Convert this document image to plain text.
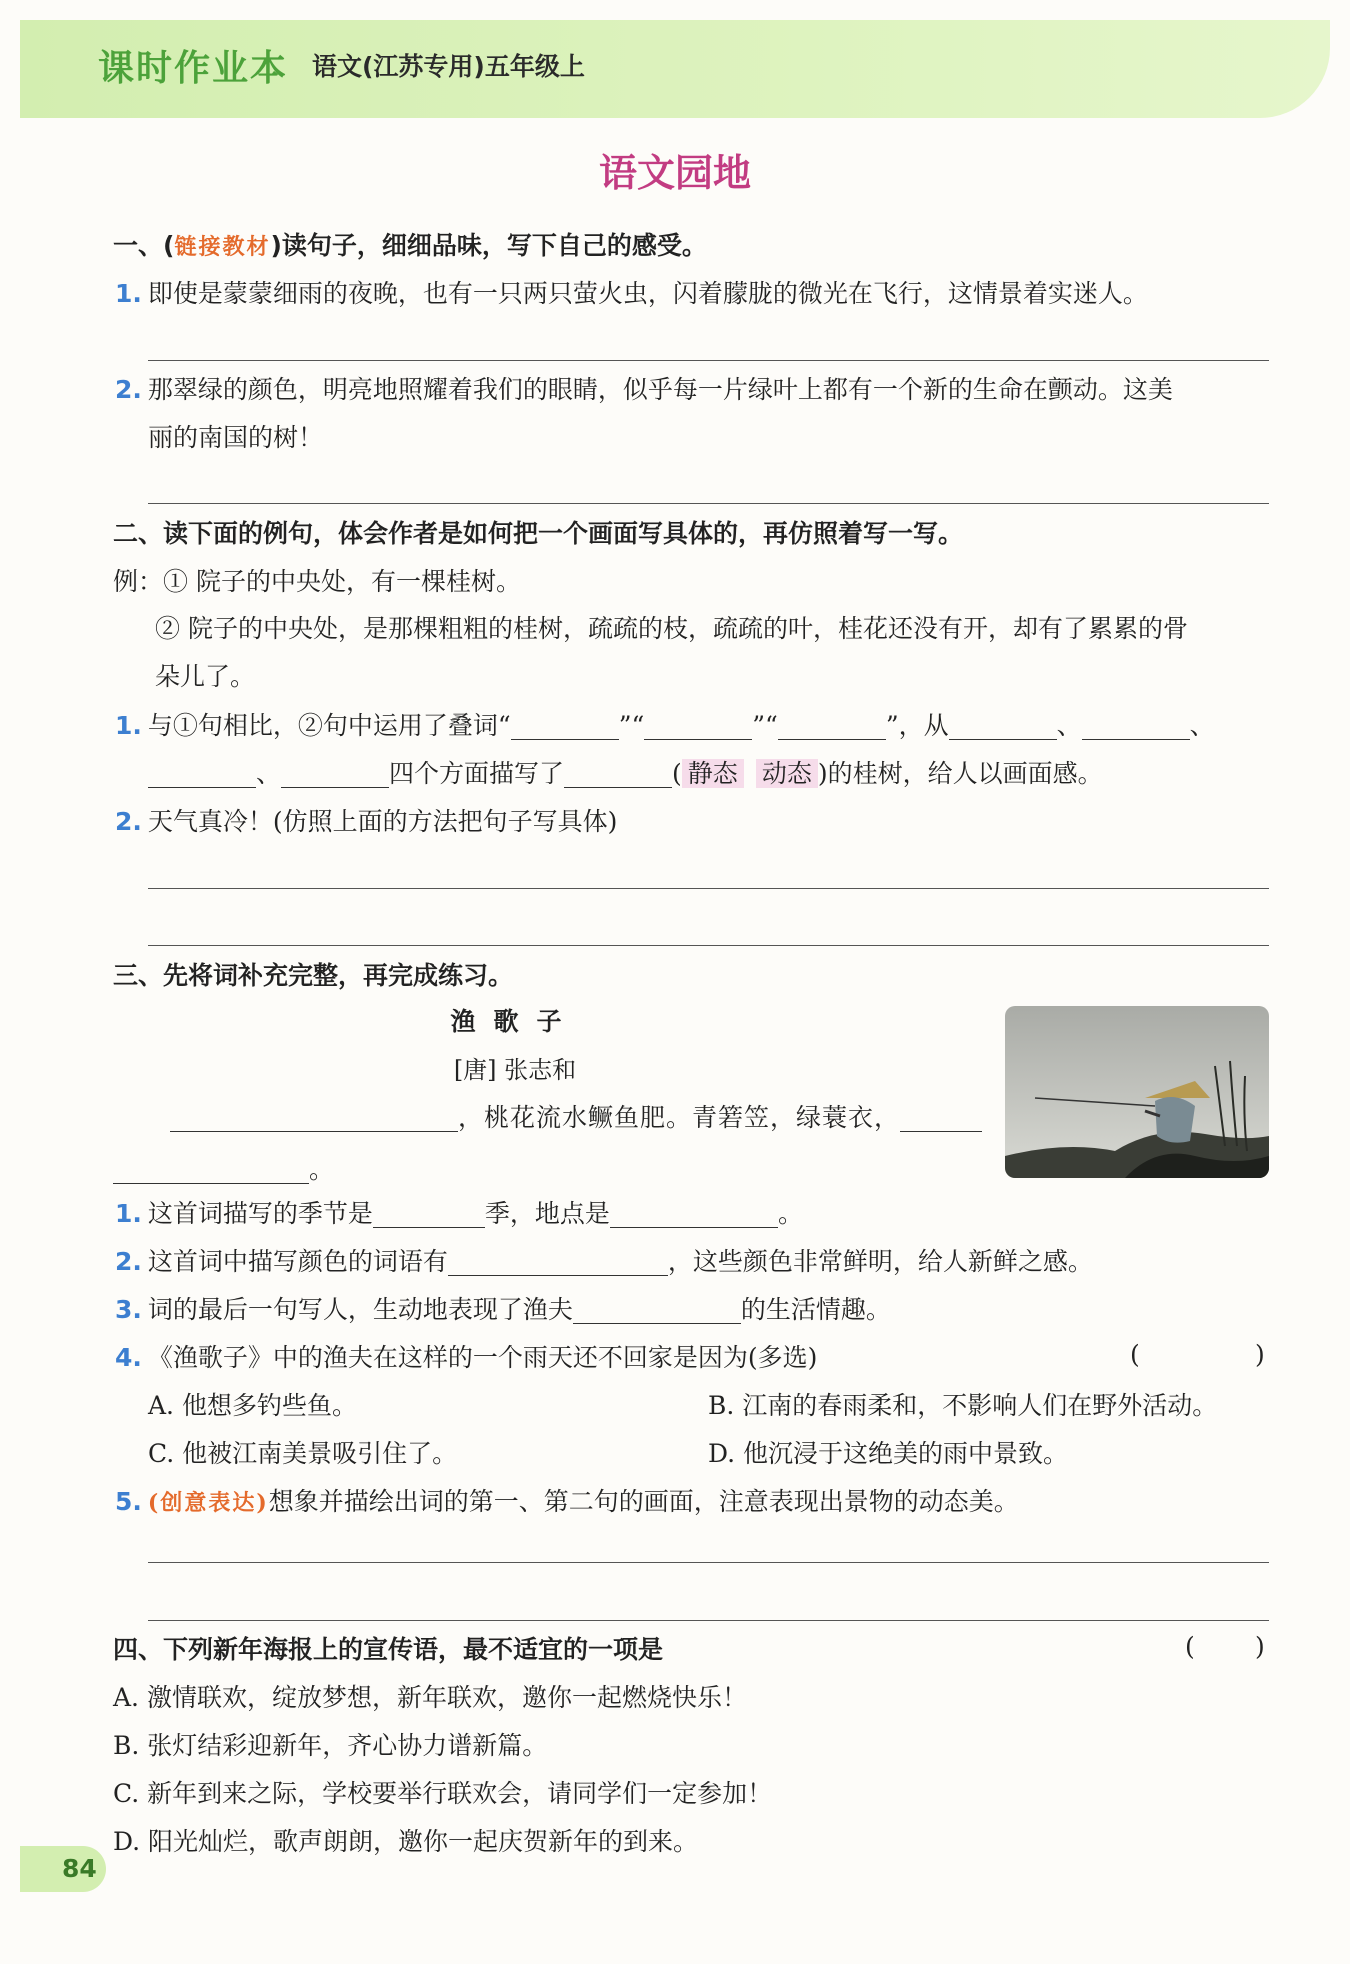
课时作业本 语文(江苏专用)五年级上
语文园地
一、(链接教材)读句子，细细品味，写下自己的感受。
1. 即使是蒙蒙细雨的夜晚，也有一只两只萤火虫，闪着朦胧的微光在飞行，这情景着实迷人。
2. 那翠绿的颜色，明亮地照耀着我们的眼睛，似乎每一片绿叶上都有一个新的生命在颤动。这美
丽的南国的树！
二、读下面的例句，体会作者是如何把一个画面写具体的，再仿照着写一写。
例：① 院子的中央处，有一棵桂树。
② 院子的中央处，是那棵粗粗的桂树，疏疏的枝，疏疏的叶，桂花还没有开，却有了累累的骨
朵儿了。
1. 与①句相比，②句中运用了叠词“	”“	”“	”，从	、	、
、	四个方面描写了	( 静态 动态 )的桂树，给人以画面感。
2. 天气真冷！(仿照上面的方法把句子写具体)
三、先将词补充完整，再完成练习。
渔歌子
[唐] 张志和
，桃花流水鳜鱼肥。青箬笠，绿蓑衣，
。
1. 这首词描写的季节是	季，地点是	。
2. 这首词中描写颜色的词语有	，这些颜色非常鲜明，给人新鲜之感。
3. 词的最后一句写人，生动地表现了渔夫	的生活情趣。
4. 《渔歌子》中的渔夫在这样的一个雨天还不回家是因为(多选)	(	)
A. 他想多钓些鱼。	B. 江南的春雨柔和，不影响人们在野外活动。
C. 他被江南美景吸引住了。	D. 他沉浸于这绝美的雨中景致。
5. (创意表达)想象并描绘出词的第一、第二句的画面，注意表现出景物的动态美。
四、下列新年海报上的宣传语，最不适宜的一项是	( )
A. 激情联欢，绽放梦想，新年联欢，邀你一起燃烧快乐！
B. 张灯结彩迎新年，齐心协力谱新篇。
C. 新年到来之际，学校要举行联欢会，请同学们一定参加！
D. 阳光灿烂，歌声朗朗，邀你一起庆贺新年的到来。
84
